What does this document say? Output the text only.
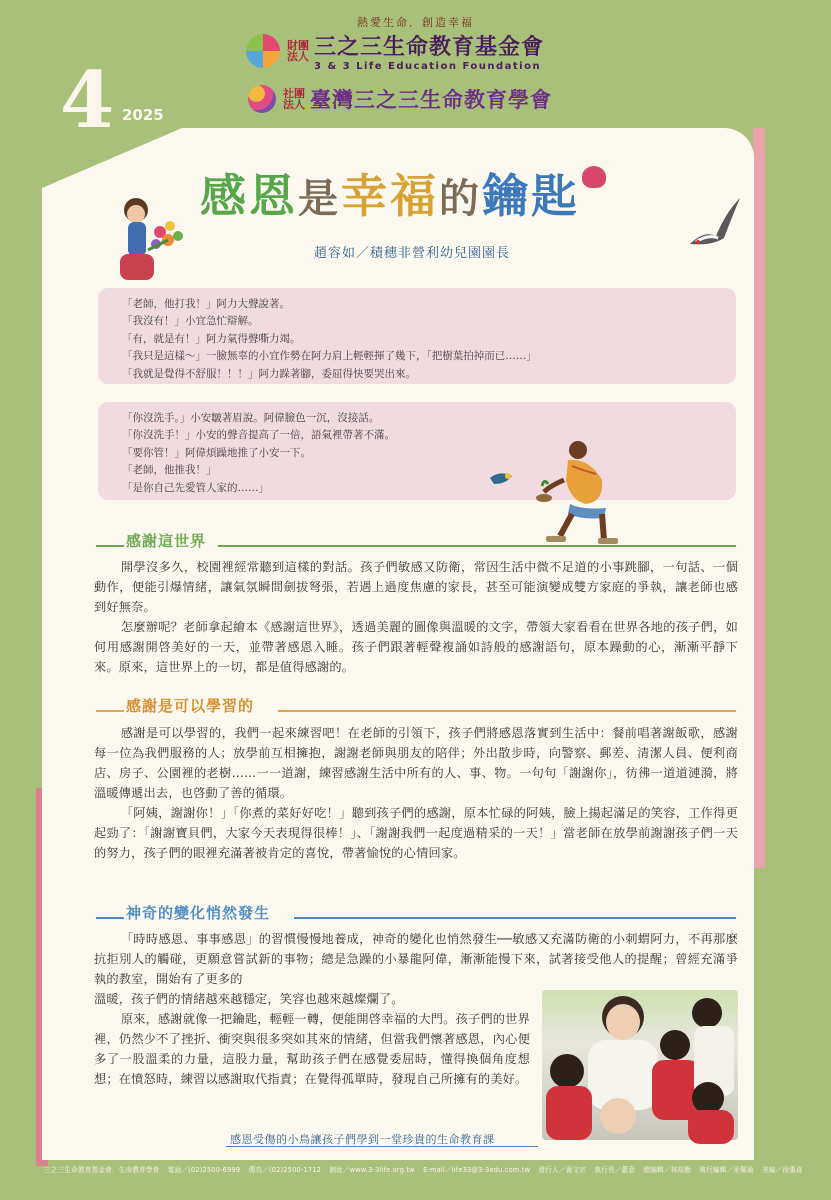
熱愛生命．創造幸福
財團法人 三之三生命教育基金會
3 & 3 Life Education Foundation
社團法人 臺灣三之三生命教育學會
4 2025
感恩是幸福的鑰匙
趙容如／積穗非營利幼兒園園長

「老師，他打我！」阿力大聲說著。

「我沒有！」小宜急忙辯解。

「有，就是有！」阿力氣得聲嘶力竭。

「我只是這樣～」一臉無辜的小宜作勢在阿力肩上輕輕揮了幾下，「把樹葉拍掉而已……」

「我就是覺得不舒服！！！」阿力跺著腳，委屈得快要哭出來。

「你沒洗手。」小安皺著眉說。阿偉臉色一沉，沒接話。

「你沒洗手！」小安的聲音提高了一倍，語氣裡帶著不滿。

「要你管！」阿偉煩躁地推了小安一下。

「老師，他推我！」

「是你自己先愛管人家的……」

感謝這世界

開學沒多久，校園裡經常聽到這樣的對話。孩子們敏感又防衛，常因生活中微不足道的小事跳腳，一句話、一個動作，便能引爆情緒，讓氣氛瞬間劍拔弩張，若遇上過度焦慮的家長，甚至可能演變成雙方家庭的爭執，讓老師也感到好無奈。

怎麼辦呢？老師拿起繪本《感謝這世界》，透過美麗的圖像與溫暖的文字，帶領大家看看在世界各地的孩子們，如何用感謝開啓美好的一天，並帶著感恩入睡。孩子們跟著輕聲複誦如詩般的感謝語句，原本躁動的心，漸漸平靜下來。原來，這世界上的一切，都是值得感謝的。

感謝是可以學習的

感謝是可以學習的，我們一起來練習吧！在老師的引領下，孩子們將感恩落實到生活中：餐前唱著謝飯歌，感謝每一位為我們服務的人；放學前互相擁抱，謝謝老師與朋友的陪伴；外出散步時，向警察、郵差、清潔人員、便利商店、房子、公園裡的老樹……一一道謝，練習感謝生活中所有的人、事、物。一句句「謝謝你」，彷彿一道道漣漪，將溫暖傳遞出去，也啓動了善的循環。

「阿姨，謝謝你！」「你煮的菜好好吃！」聽到孩子們的感謝，原本忙碌的阿姨，臉上揚起滿足的笑容，工作得更起勁了：「謝謝寶貝們，大家今天表現得很棒！」、「謝謝我們一起度過精采的一天！」當老師在放學前謝謝孩子們一天的努力，孩子們的眼裡充滿著被肯定的喜悅，帶著愉悅的心情回家。

神奇的變化悄然發生

「時時感恩、事事感恩」的習慣慢慢地養成，神奇的變化也悄然發生──敏感又充滿防衛的小刺蝟阿力，不再那麼抗拒別人的觸碰，更願意嘗試新的事物；總是急躁的小暴龍阿偉，漸漸能慢下來，試著接受他人的提醒；曾經充滿爭執的教室，開始有了更多的

溫暖，孩子們的情緒越來越穩定，笑容也越來越燦爛了。

原來，感謝就像一把鑰匙，輕輕一轉，便能開啓幸福的大門。孩子們的世界裡，仍然少不了挫折、衝突與很多突如其來的情緒，但當我們懷著感恩，內心便多了一股溫柔的力量，這股力量，幫助孩子們在感覺委屈時，懂得換個角度想想；在憤怒時，練習以感謝取代指責；在覺得孤單時，發現自己所擁有的美好。

感恩受傷的小鳥讓孩子們學到一堂珍貴的生命教育課
三之三生命教育基金會．生命教育學會 電話／(02)2500-6999 傳真／(02)2500-1712 網址／www.3-3life.org.tw E-mail／life33@3-3edu.com.tw 發行人／黃文宗 執行長／蕭意 總編輯／林裕勳 執行編輯／巫佩瑜 美編／徐惠貞
